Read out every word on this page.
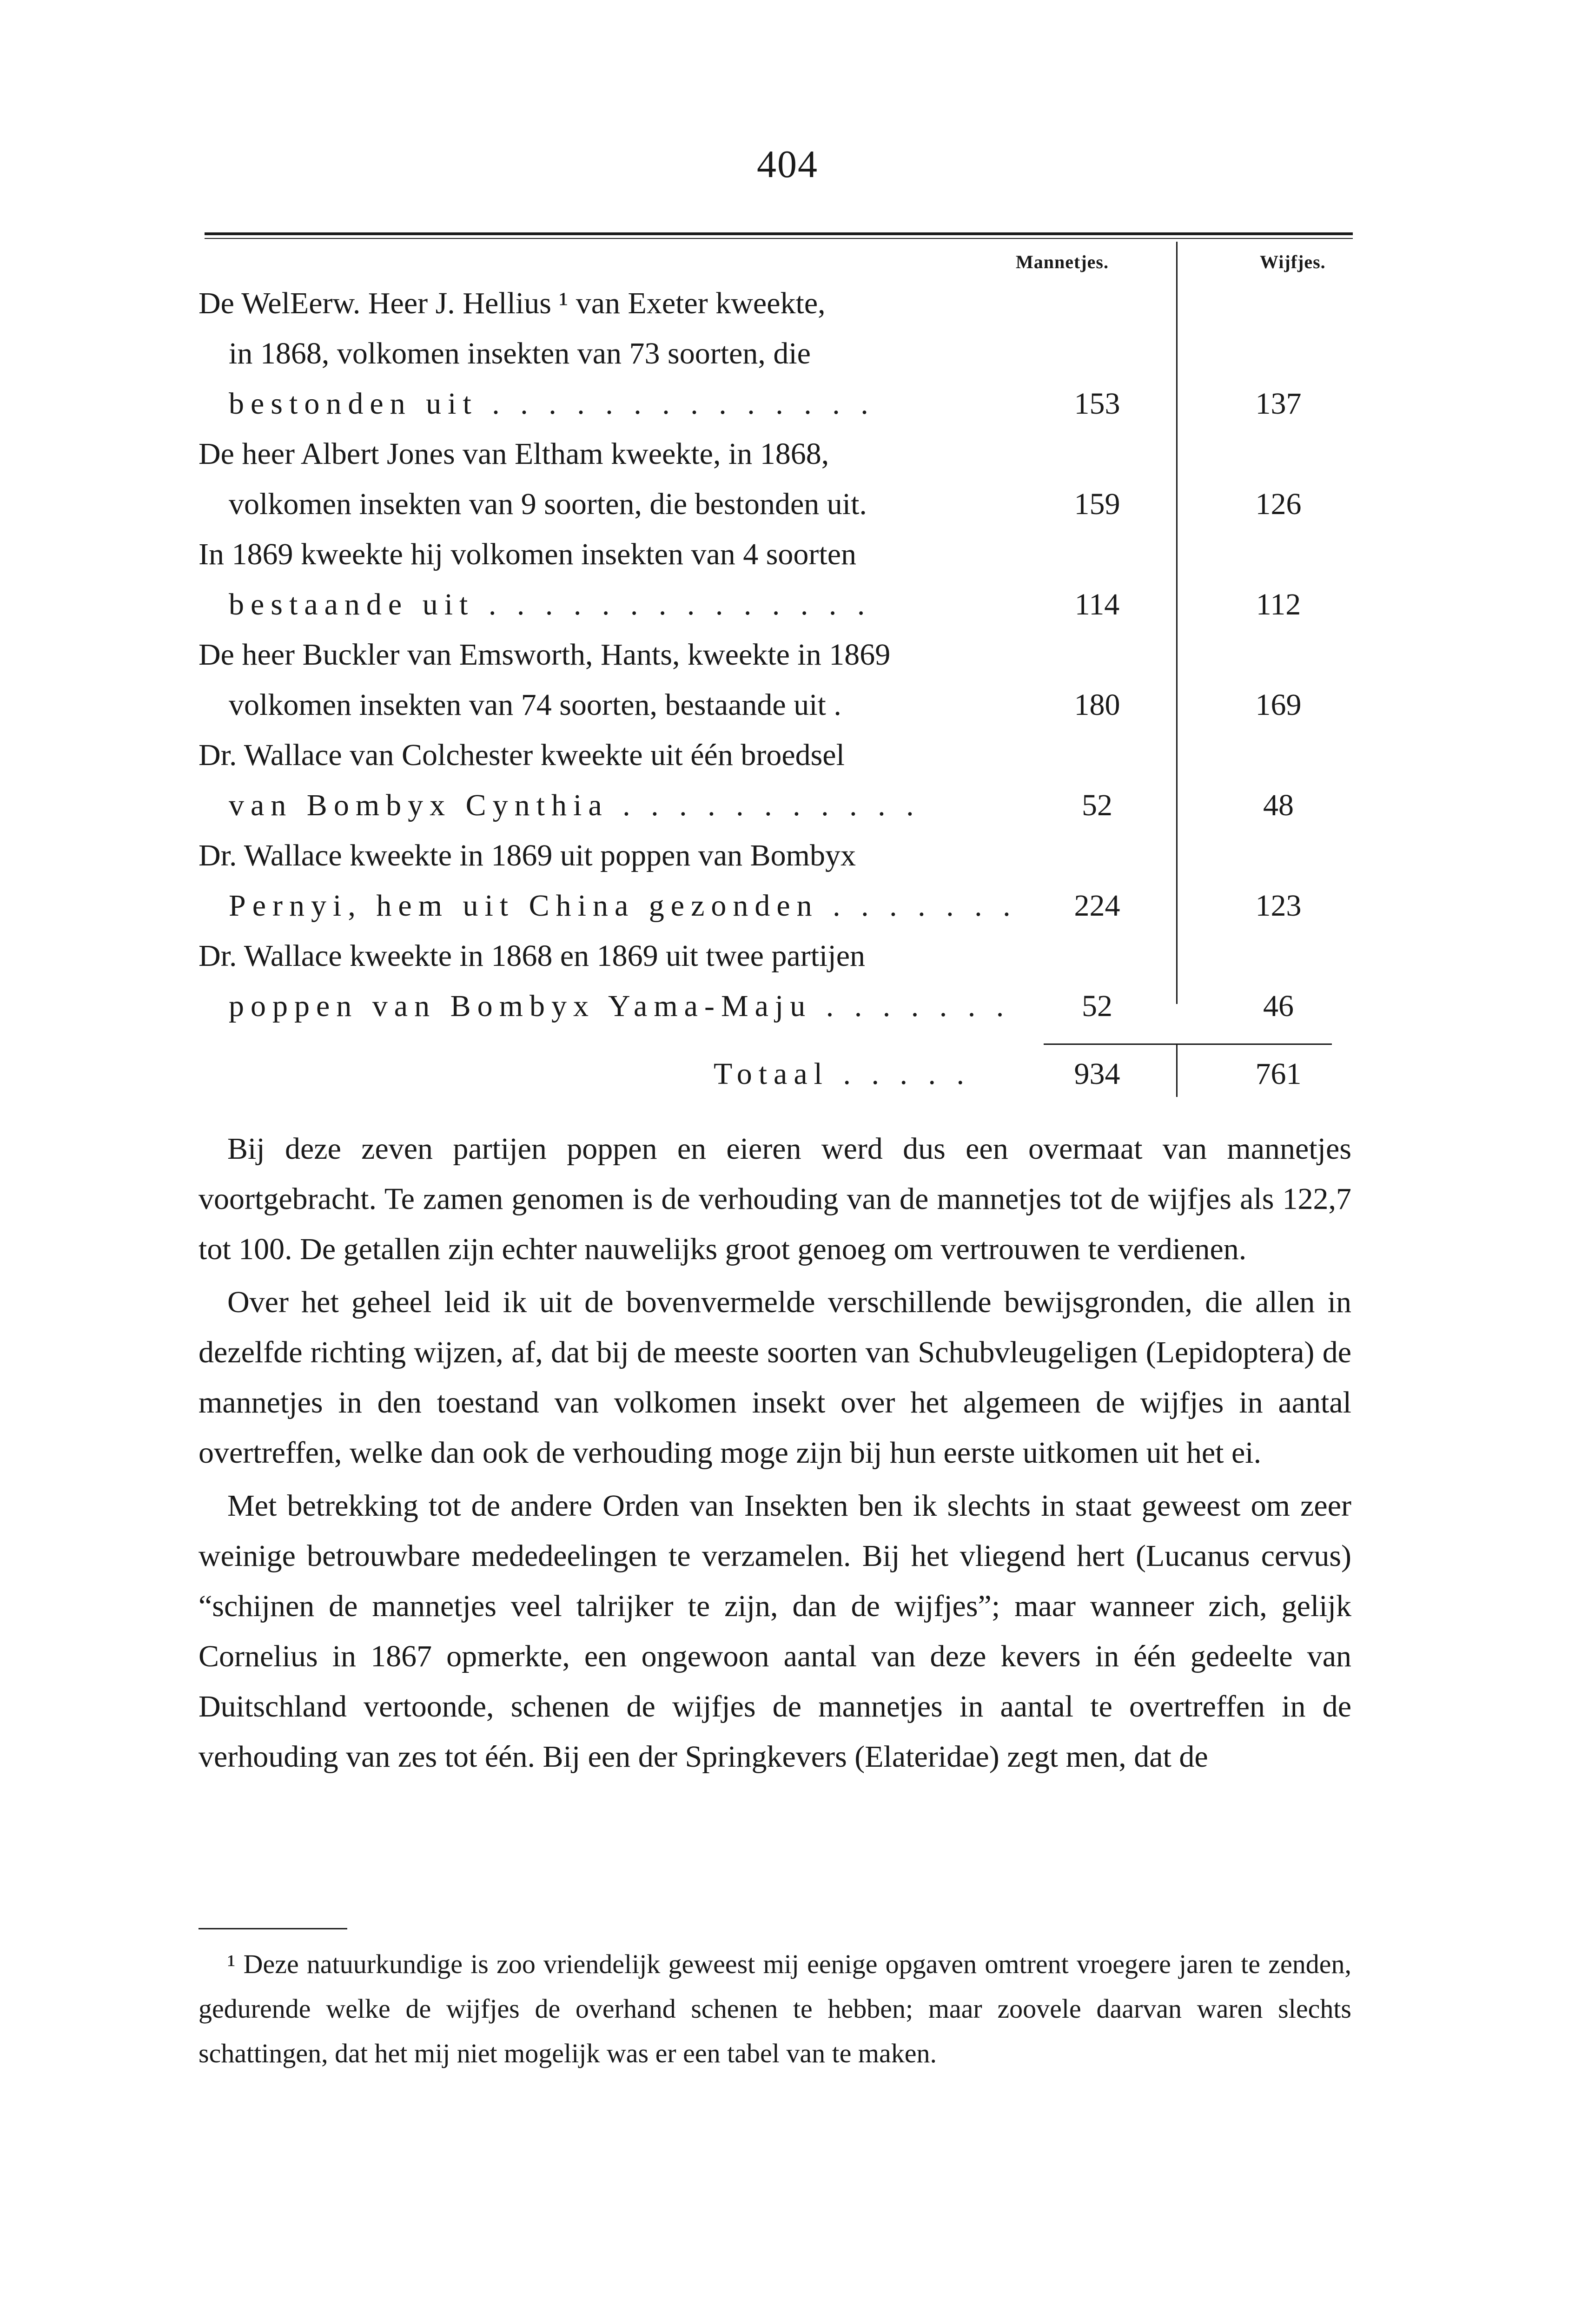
404
Mannetjes.	Wijfjes.
De WelEerw. Heer J. Hellius ¹ van Exeter kweekte,
in 1868, volkomen insekten van 73 soorten, die
bestonden uit . . . . . . . . . . . . . .	153	137
De heer Albert Jones van Eltham kweekte, in 1868,
volkomen insekten van 9 soorten, die bestonden uit.	159	126
In 1869 kweekte hij volkomen insekten van 4 soorten
bestaande uit . . . . . . . . . . . . . .	114	112
De heer Buckler van Emsworth, Hants, kweekte in 1869
volkomen insekten van 74 soorten, bestaande uit .	180	169
Dr. Wallace van Colchester kweekte uit één broedsel
van Bombyx Cynthia . . . . . . . . . . .	52	48
Dr. Wallace kweekte in 1869 uit poppen van Bombyx
Pernyi, hem uit China gezonden . . . . . . .	224	123
Dr. Wallace kweekte in 1868 en 1869 uit twee partijen
poppen van Bombyx Yama-Maju . . . . . . .	52	46
Totaal . . . . .	934	761

Bij deze zeven partijen poppen en eieren werd dus een overmaat van mannetjes voortgebracht. Te zamen genomen is de verhouding van de mannetjes tot de wijfjes als 122,7 tot 100. De getallen zijn echter nauwelijks groot genoeg om vertrouwen te verdienen.

Over het geheel leid ik uit de bovenvermelde verschillende bewijsgronden, die allen in dezelfde richting wijzen, af, dat bij de meeste soorten van Schubvleugeligen (Lepidoptera) de mannetjes in den toestand van volkomen insekt over het algemeen de wijfjes in aantal overtreffen, welke dan ook de verhouding moge zijn bij hun eerste uitkomen uit het ei.

Met betrekking tot de andere Orden van Insekten ben ik slechts in staat geweest om zeer weinige betrouwbare mededeelingen te verzamelen. Bij het vliegend hert (Lucanus cervus) “schijnen de mannetjes veel talrijker te zijn, dan de wijfjes”; maar wanneer zich, gelijk Cornelius in 1867 opmerkte, een ongewoon aantal van deze kevers in één gedeelte van Duitschland vertoonde, schenen de wijfjes de mannetjes in aantal te overtreffen in de verhouding van zes tot één. Bij een der Springkevers (Elateridae) zegt men, dat de

¹ Deze natuurkundige is zoo vriendelijk geweest mij eenige opgaven omtrent vroegere jaren te zenden, gedurende welke de wijfjes de overhand schenen te hebben; maar zoovele daarvan waren slechts schattingen, dat het mij niet mogelijk was er een tabel van te maken.
